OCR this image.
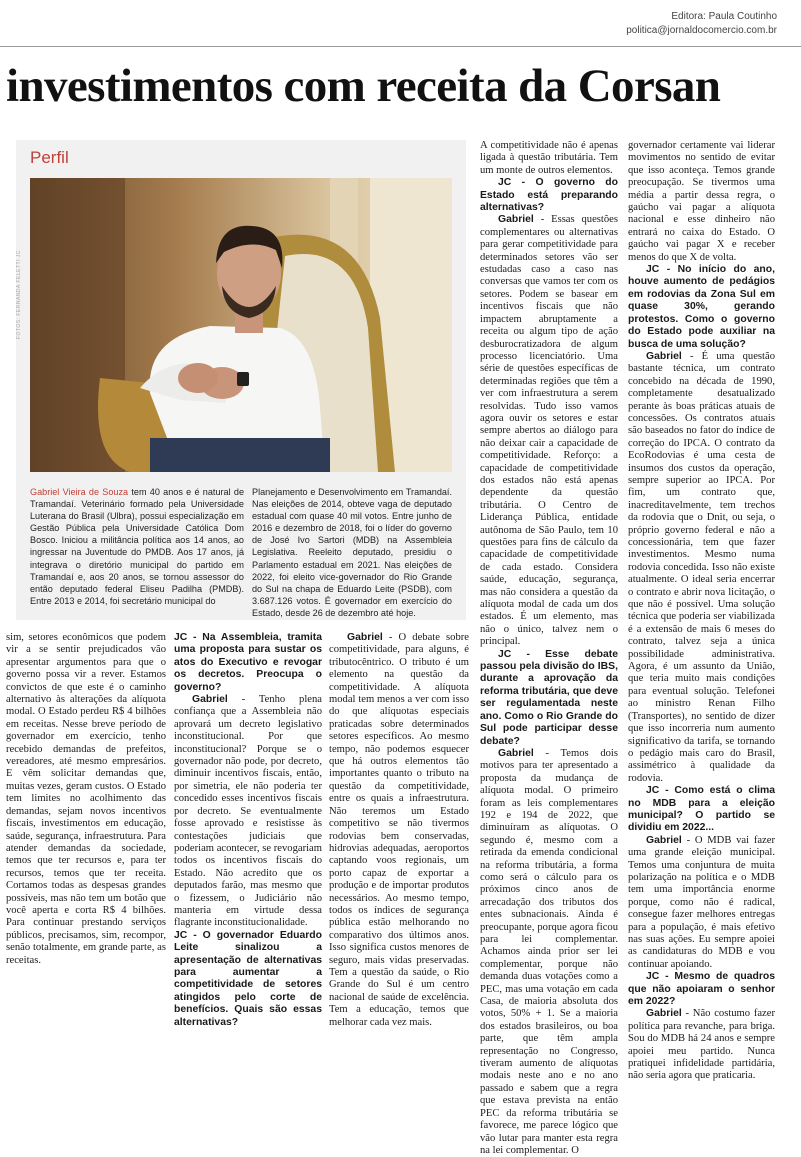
Editora: Paula Coutinho
politica@jornaldocomercio.com.br
investimentos com receita da Corsan
Perfil
FOTOS: FERNANDA FELETTI JC

Gabriel Vieira de Souza tem 40 anos e é natural de Tramandaí. Veterinário formado pela Universidade Luterana do Brasil (Ulbra), possui especialização em Gestão Pública pela Universidade Católica Dom Bosco. Iniciou a militância política aos 14 anos, ao ingressar na Juventude do PMDB. Aos 17 anos, já integrava o diretório municipal do partido em Tramandaí e, aos 20 anos, se tornou assessor do então deputado federal Eliseu Padilha (PMDB). Entre 2013 e 2014, foi secretário municipal do

Planejamento e Desenvolvimento em Tramandaí. Nas eleições de 2014, obteve vaga de deputado estadual com quase 40 mil votos. Entre junho de 2016 e dezembro de 2018, foi o líder do governo de José Ivo Sartori (MDB) na Assembleia Legislativa. Reeleito deputado, presidiu o Parlamento estadual em 2021. Nas eleições de 2022, foi eleito vice-governador do Rio Grande do Sul na chapa de Eduardo Leite (PSDB), com 3.687.126 votos. É governador em exercício do Estado, desde 26 de dezembro até hoje.

sim, setores econômicos que podem vir a se sentir prejudicados vão apresentar argumentos para que o governo possa vir a rever. Estamos convictos de que este é o caminho alternativo às alterações da alíquota modal. O Estado perdeu R$ 4 bilhões em receitas. Nesse breve período de governador em exercício, tenho recebido demandas de prefeitos, vereadores, até mesmo empresários. E vêm solicitar demandas que, muitas vezes, geram custos. O Estado tem limites no acolhimento das demandas, sejam novos incentivos fiscais, investimentos em educação, saúde, segurança, infraestrutura. Para atender demandas da sociedade, temos que ter recursos e, para ter recursos, temos que ter receita. Cortamos todas as despesas grandes possíveis, mas não tem um botão que você aperta e corta R$ 4 bilhões. Para continuar prestando serviços públicos, precisamos, sim, recompor, senão totalmente, em grande parte, as receitas.

JC - Na Assembleia, tramita uma proposta para sustar os atos do Executivo e revogar os decretos. Preocupa o governo?

Gabriel - Tenho plena confiança que a Assembleia não aprovará um decreto legislativo inconstitucional. Por que inconstitucional? Porque se o governador não pode, por decreto, diminuir incentivos fiscais, então, por simetria, ele não poderia ter concedido esses incentivos fiscais por decreto. Se eventualmente fosse aprovado e resistisse às contestações judiciais que poderiam acontecer, se revogariam todos os incentivos fiscais do Estado. Não acredito que os deputados farão, mas mesmo que o fizessem, o Judiciário não manteria em virtude dessa flagrante inconstitucionalidade.

JC - O governador Eduardo Leite sinalizou a apresentação de alternativas para aumentar a competitividade de setores atingidos pelo corte de benefícios. Quais são essas alternativas?

Gabriel - O debate sobre competitividade, para alguns, é tributocêntrico. O tributo é um elemento na questão da competitividade. A alíquota modal tem menos a ver com isso do que alíquotas especiais praticadas sobre determinados setores específicos. Ao mesmo tempo, não podemos esquecer que há outros elementos tão importantes quanto o tributo na questão da competitividade, entre os quais a infraestrutura. Não teremos um Estado competitivo se não tivermos rodovias bem conservadas, hidrovias adequadas, aeroportos captando voos regionais, um porto capaz de exportar a produção e de importar produtos necessários. Ao mesmo tempo, todos os índices de segurança pública estão melhorando no comparativo dos últimos anos. Isso significa custos menores de seguro, mais vidas preservadas. Tem a questão da saúde, o Rio Grande do Sul é um centro nacional de saúde de excelência. Tem a educação, temos que melhorar cada vez mais.

A competitividade não é apenas ligada à questão tributária. Tem um monte de outros elementos.

JC - O governo do Estado está preparando alternativas?

Gabriel - Essas questões complementares ou alternativas para gerar competitividade para determinados setores vão ser estudadas caso a caso nas conversas que vamos ter com os setores. Podem se basear em incentivos fiscais que não impactem abruptamente a receita ou algum tipo de ação desburocratizadora de algum processo licenciatório. Uma série de questões específicas de determinadas regiões que têm a ver com infraestrutura a serem resolvidas. Tudo isso vamos agora ouvir os setores e estar sempre abertos ao diálogo para não deixar cair a capacidade de competitividade. Reforço: a capacidade de competitividade dos estados não está apenas dependente da questão tributária. O Centro de Liderança Pública, entidade autônoma de São Paulo, tem 10 questões para fins de cálculo da capacidade de competitividade de cada estado. Considera saúde, educação, segurança, mas não considera a questão da alíquota modal de cada um dos estados. É um elemento, mas não o único, talvez nem o principal.

JC - Esse debate passou pela divisão do IBS, durante a aprovação da reforma tributária, que deve ser regulamentada neste ano. Como o Rio Grande do Sul pode participar desse debate?

Gabriel - Temos dois motivos para ter apresentado a proposta da mudança de alíquota modal. O primeiro foram as leis complementares 192 e 194 de 2022, que diminuíram as alíquotas. O segundo é, mesmo com a retirada da emenda condicional na reforma tributária, a forma como será o cálculo para os próximos cinco anos de arrecadação dos tributos dos entes subnacionais. Ainda é preocupante, porque agora ficou para lei complementar. Achamos ainda prior ser lei complementar, porque não demanda duas votações como a PEC, mas uma votação em cada Casa, de maioria absoluta dos votos, 50% + 1. Se a maioria dos estados brasileiros, ou boa parte, que têm ampla representação no Congresso, tiveram aumento de alíquotas modais neste ano e no ano passado e sabem que a regra que estava prevista na então PEC da reforma tributária se favorece, me parece lógico que vão lutar para manter esta regra na lei complementar. O

governador certamente vai liderar movimentos no sentido de evitar que isso aconteça. Temos grande preocupação. Se tivermos uma média a partir dessa regra, o gaúcho vai pagar a alíquota nacional e esse dinheiro não entrará no caixa do Estado. O gaúcho vai pagar X e receber menos do que X de volta.

JC - No início do ano, houve aumento de pedágios em rodovias da Zona Sul em quase 30%, gerando protestos. Como o governo do Estado pode auxiliar na busca de uma solução?

Gabriel - É uma questão bastante técnica, um contrato concebido na década de 1990, completamente desatualizado perante às boas práticas atuais de concessões. Os contratos atuais são baseados no fator do índice de correção do IPCA. O contrato da EcoRodovias é uma cesta de insumos dos custos da operação, sempre superior ao IPCA. Por fim, um contrato que, inacreditavelmente, tem trechos da rodovia que o Dnit, ou seja, o próprio governo federal e não a concessionária, tem que fazer investimentos. Mesmo numa rodovia concedida. Isso não existe atualmente. O ideal seria encerrar o contrato e abrir nova licitação, o que não é possível. Uma solução técnica que poderia ser viabilizada é a extensão de mais 6 meses do contrato, talvez seja a única possibilidade administrativa. Agora, é um assunto da União, que teria muito mais condições para eventual solução. Telefonei ao ministro Renan Filho (Transportes), no sentido de dizer que isso incorreria num aumento significativo da tarifa, se tornando o pedágio mais caro do Brasil, assimétrico à qualidade da rodovia.

JC - Como está o clima no MDB para a eleição municipal? O partido se dividiu em 2022...

Gabriel - O MDB vai fazer uma grande eleição municipal. Temos uma conjuntura de muita polarização na política e o MDB tem uma importância enorme porque, como não é radical, consegue fazer melhores entregas para a população, é mais efetivo nas suas ações. Eu sempre apoiei as candidaturas do MDB e vou continuar apoiando.

JC - Mesmo de quadros que não apoiaram o senhor em 2022?

Gabriel - Não costumo fazer política para revanche, para briga. Sou do MDB há 24 anos e sempre apoiei meu partido. Nunca pratiquei infidelidade partidária, não seria agora que praticaria.
